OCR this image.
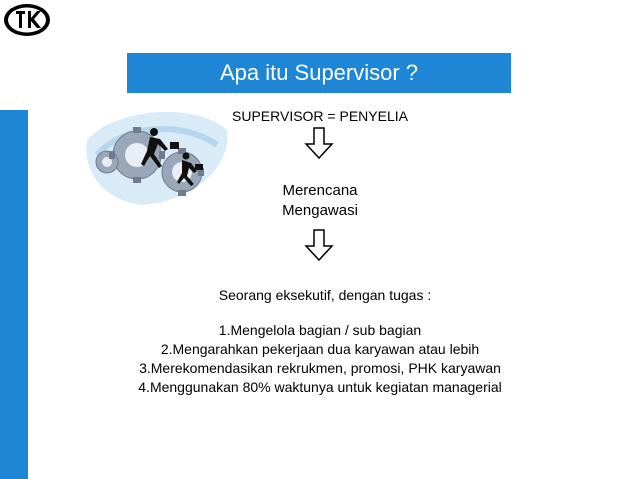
Apa itu Supervisor ?
SUPERVISOR = PENYELIA
Merencana
Mengawasi
Seorang eksekutif, dengan tugas :
1.Mengelola bagian / sub bagian
2.Mengarahkan pekerjaan dua karyawan atau lebih
3.Merekomendasikan rekrukmen, promosi, PHK karyawan
4.Menggunakan 80% waktunya untuk kegiatan managerial
